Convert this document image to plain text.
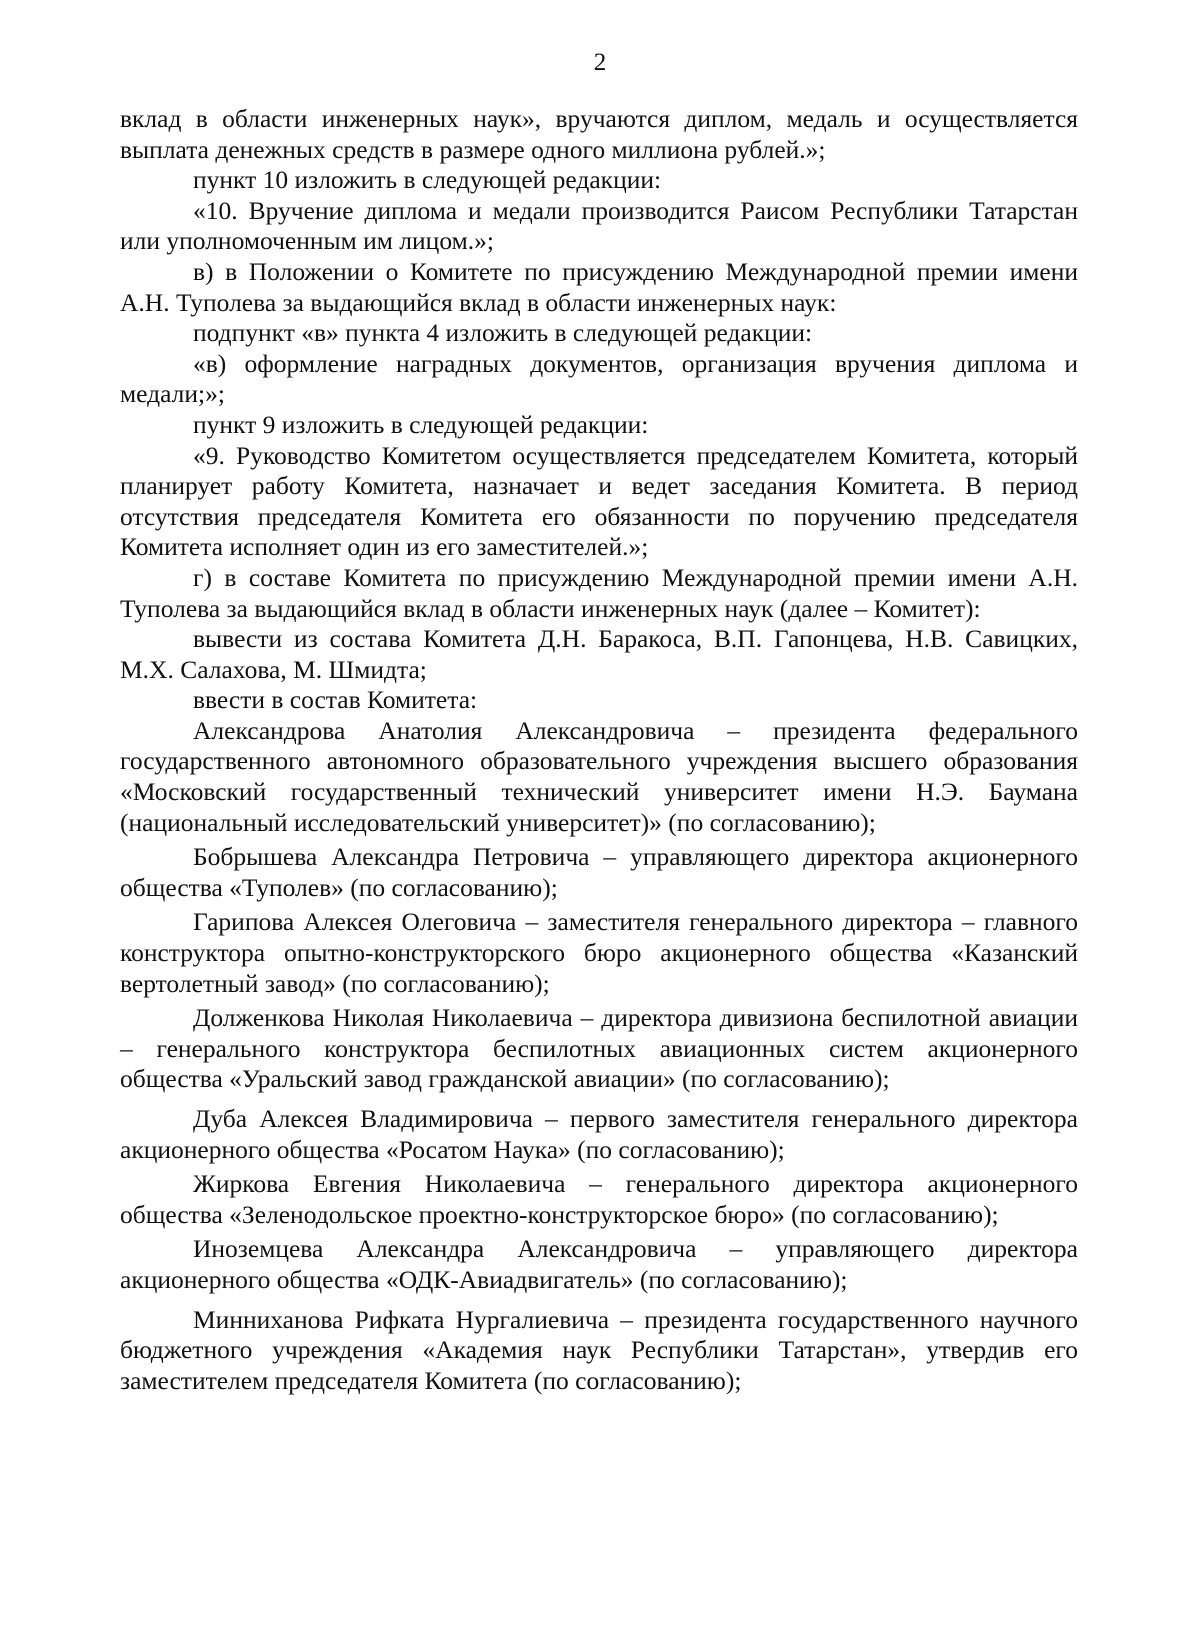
2

вклад в области инженерных наук», вручаются диплом, медаль и осуществляется выплата денежных средств в размере одного миллиона рублей.»;

пункт 10 изложить в следующей редакции:

«10. Вручение диплома и медали производится Раисом Республики Татарстан или уполномоченным им лицом.»;

в) в Положении о Комитете по присуждению Международной премии имени А.Н. Туполева за выдающийся вклад в области инженерных наук:

подпункт «в» пункта 4 изложить в следующей редакции:

«в) оформление наградных документов, организация вручения диплома и медали;»;

пункт 9 изложить в следующей редакции:

«9. Руководство Комитетом осуществляется председателем Комитета, который планирует работу Комитета, назначает и ведет заседания Комитета. В период отсутствия председателя Комитета его обязанности по поручению председателя Комитета исполняет один из его заместителей.»;

г) в составе Комитета по присуждению Международной премии имени А.Н. Туполева за выдающийся вклад в области инженерных наук (далее – Комитет):

вывести из состава Комитета Д.Н. Баракоса, В.П. Гапонцева, Н.В. Савицких, М.Х. Салахова, М. Шмидта;

ввести в состав Комитета:

Александрова Анатолия Александровича – президента федерального государственного автономного образовательного учреждения высшего образования «Московский государственный технический университет имени Н.Э. Баумана (национальный исследовательский университет)» (по согласованию);

Бобрышева Александра Петровича – управляющего директора акционерного общества «Туполев» (по согласованию);

Гарипова Алексея Олеговича – заместителя генерального директора – главного конструктора опытно-конструкторского бюро акционерного общества «Казанский вертолетный завод» (по согласованию);

Долженкова Николая Николаевича – директора дивизиона беспилотной авиации – генерального конструктора беспилотных авиационных систем акционерного общества «Уральский завод гражданской авиации» (по согласованию);

Дуба Алексея Владимировича – первого заместителя генерального директора акционерного общества «Росатом Наука» (по согласованию);

Жиркова Евгения Николаевича – генерального директора акционерного общества «Зеленодольское проектно-конструкторское бюро» (по согласованию);

Иноземцева Александра Александровича – управляющего директора акционерного общества «ОДК-Авиадвигатель» (по согласованию);

Минниханова Рифката Нургалиевича – президента государственного научного бюджетного учреждения «Академия наук Республики Татарстан», утвердив его заместителем председателя Комитета (по согласованию);
